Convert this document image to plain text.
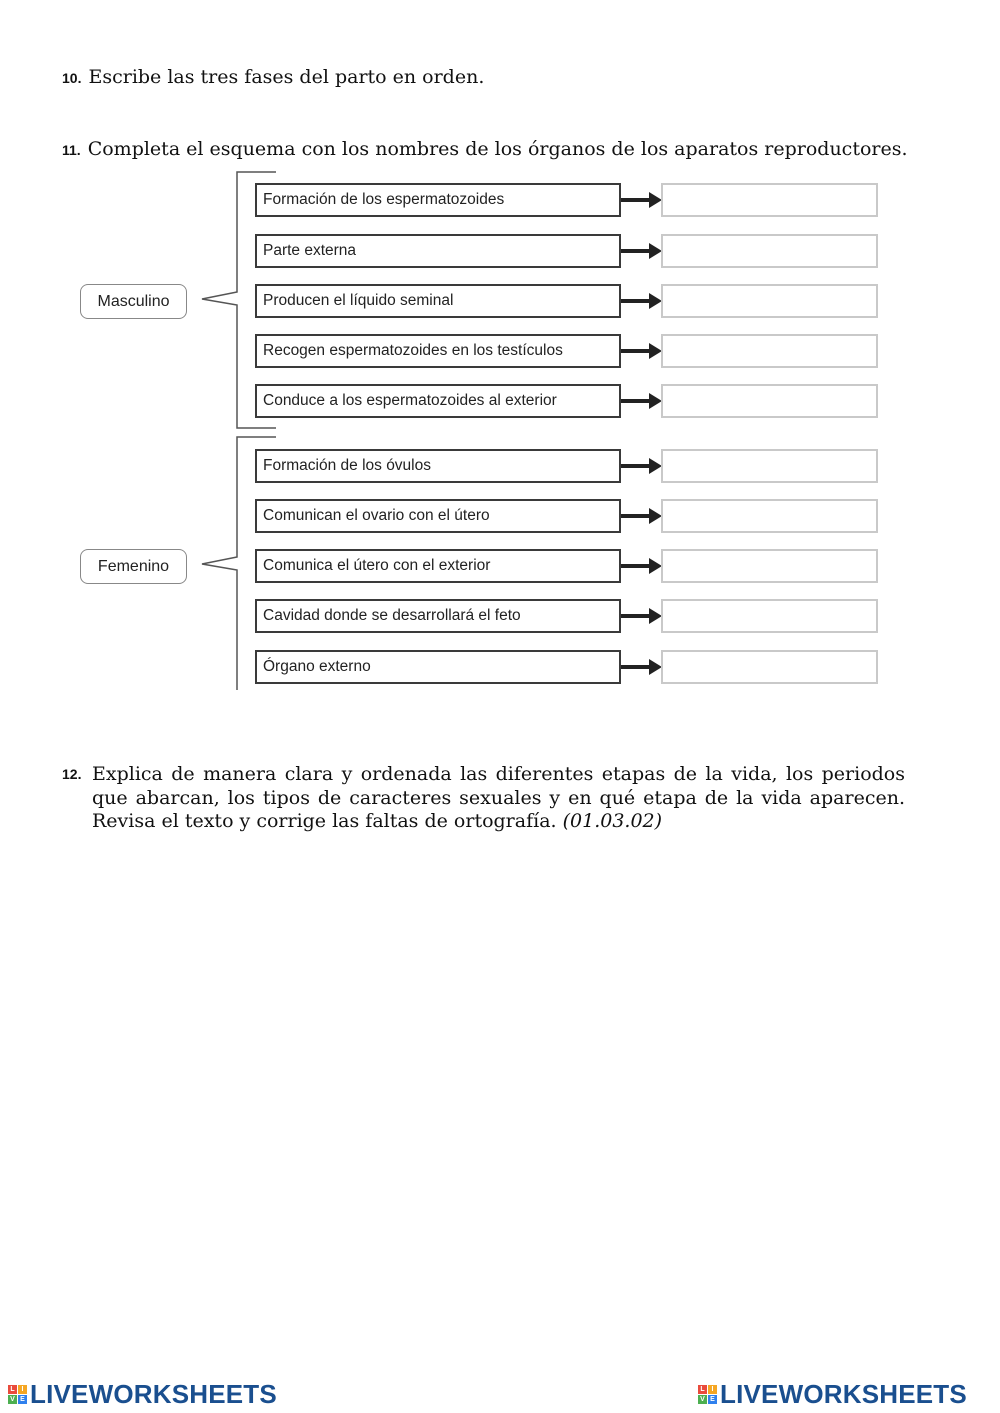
10. Escribe las tres fases del parto en orden.
11. Completa el esquema con los nombres de los órganos de los aparatos reproductores.
Masculino
Femenino
Formación de los espermatozoides
Parte externa
Producen el líquido seminal
Recogen espermatozoides en los testículos
Conduce a los espermatozoides al exterior
Formación de los óvulos
Comunican el ovario con el útero
Comunica el útero con el exterior
Cavidad donde se desarrollará el feto
Órgano externo
12. Explica de manera clara y ordenada las diferentes etapas de la vida, los periodos que abarcan, los tipos de caracteres sexuales y en qué etapa de la vida aparecen. Revisa el texto y corrige las faltas de ortografía. (01.03.02)
L I
V E LIVEWORKSHEETS	L I
V E LIVEWORKSHEETS
